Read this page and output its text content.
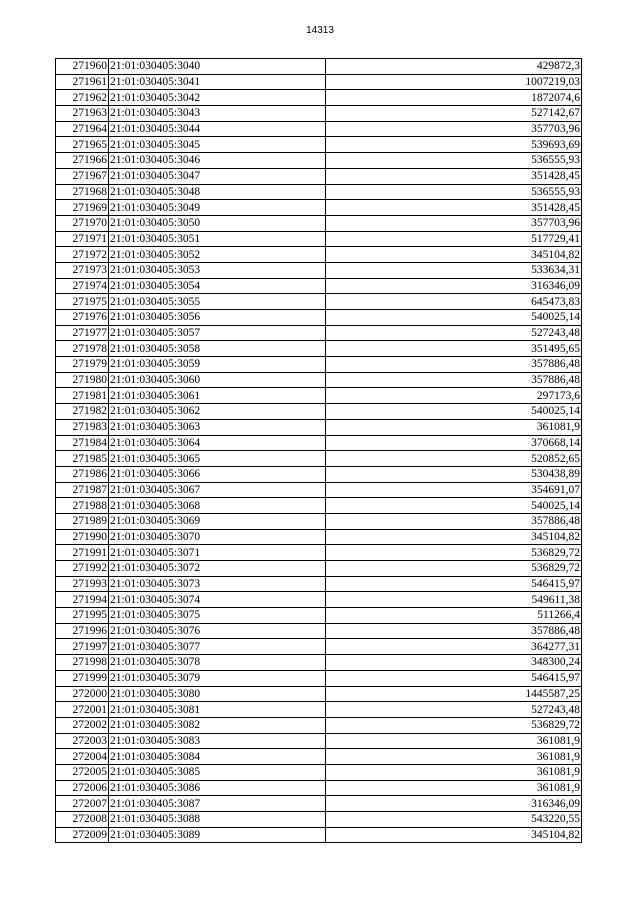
14313
271960	21:01:030405:3040	429872,3
271961	21:01:030405:3041	1007219,03
271962	21:01:030405:3042	1872074,6
271963	21:01:030405:3043	527142,67
271964	21:01:030405:3044	357703,96
271965	21:01:030405:3045	539693,69
271966	21:01:030405:3046	536555,93
271967	21:01:030405:3047	351428,45
271968	21:01:030405:3048	536555,93
271969	21:01:030405:3049	351428,45
271970	21:01:030405:3050	357703,96
271971	21:01:030405:3051	517729,41
271972	21:01:030405:3052	345104,82
271973	21:01:030405:3053	533634,31
271974	21:01:030405:3054	316346,09
271975	21:01:030405:3055	645473,83
271976	21:01:030405:3056	540025,14
271977	21:01:030405:3057	527243,48
271978	21:01:030405:3058	351495,65
271979	21:01:030405:3059	357886,48
271980	21:01:030405:3060	357886,48
271981	21:01:030405:3061	297173,6
271982	21:01:030405:3062	540025,14
271983	21:01:030405:3063	361081,9
271984	21:01:030405:3064	370668,14
271985	21:01:030405:3065	520852,65
271986	21:01:030405:3066	530438,89
271987	21:01:030405:3067	354691,07
271988	21:01:030405:3068	540025,14
271989	21:01:030405:3069	357886,48
271990	21:01:030405:3070	345104,82
271991	21:01:030405:3071	536829,72
271992	21:01:030405:3072	536829,72
271993	21:01:030405:3073	546415,97
271994	21:01:030405:3074	549611,38
271995	21:01:030405:3075	511266,4
271996	21:01:030405:3076	357886,48
271997	21:01:030405:3077	364277,31
271998	21:01:030405:3078	348300,24
271999	21:01:030405:3079	546415,97
272000	21:01:030405:3080	1445587,25
272001	21:01:030405:3081	527243,48
272002	21:01:030405:3082	536829,72
272003	21:01:030405:3083	361081,9
272004	21:01:030405:3084	361081,9
272005	21:01:030405:3085	361081,9
272006	21:01:030405:3086	361081,9
272007	21:01:030405:3087	316346,09
272008	21:01:030405:3088	543220,55
272009	21:01:030405:3089	345104,82
